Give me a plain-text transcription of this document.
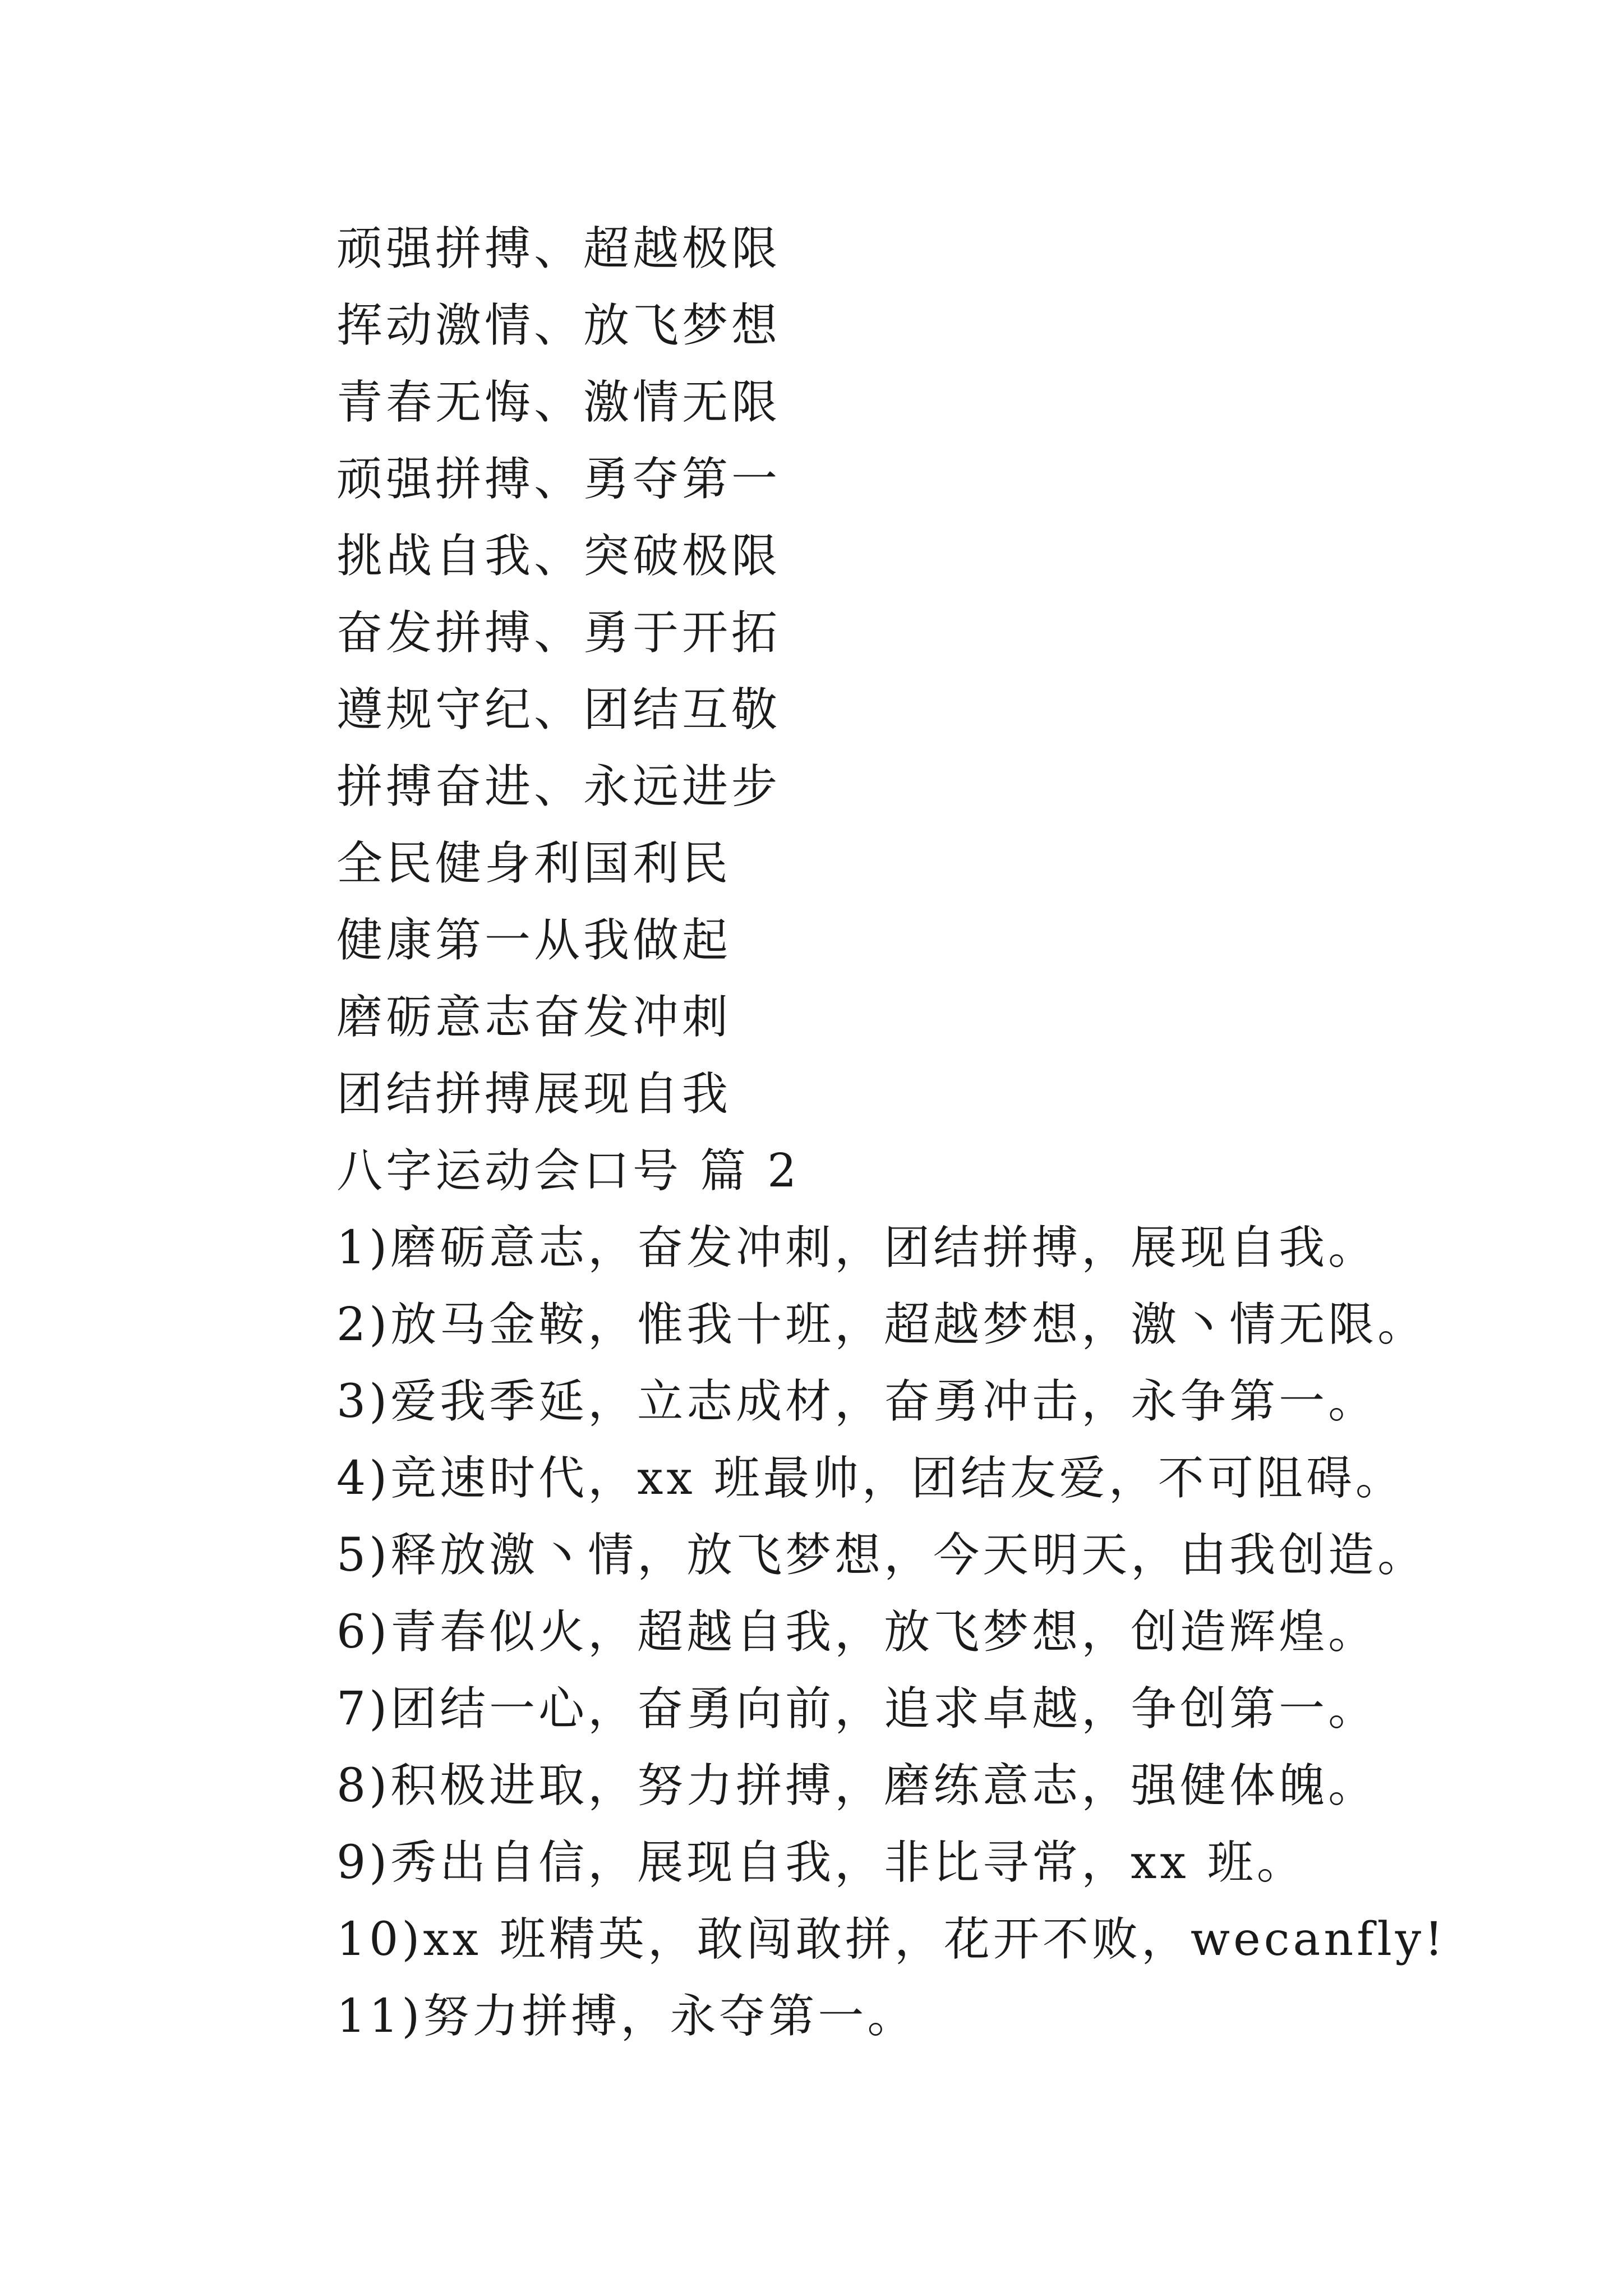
顽强拼搏、超越极限

挥动激情、放飞梦想

青春无悔、激情无限

顽强拼搏、勇夺第一

挑战自我、突破极限

奋发拼搏、勇于开拓

遵规守纪、团结互敬

拼搏奋进、永远进步

全民健身利国利民

健康第一从我做起

磨砺意志奋发冲刺

团结拼搏展现自我

八字运动会口号 篇 2

1)磨砺意志，奋发冲刺，团结拼搏，展现自我。

2)放马金鞍，惟我十班，超越梦想，激丶情无限。

3)爱我季延，立志成材，奋勇冲击，永争第一。

4)竞速时代，xx 班最帅，团结友爱，不可阻碍。

5)释放激丶情，放飞梦想，今天明天，由我创造。

6)青春似火，超越自我，放飞梦想，创造辉煌。

7)团结一心，奋勇向前，追求卓越，争创第一。

8)积极进取，努力拼搏，磨练意志，强健体魄。

9)秀出自信，展现自我，非比寻常，xx 班。

10)xx 班精英，敢闯敢拼，花开不败，wecanfly!

11)努力拼搏，永夺第一。
